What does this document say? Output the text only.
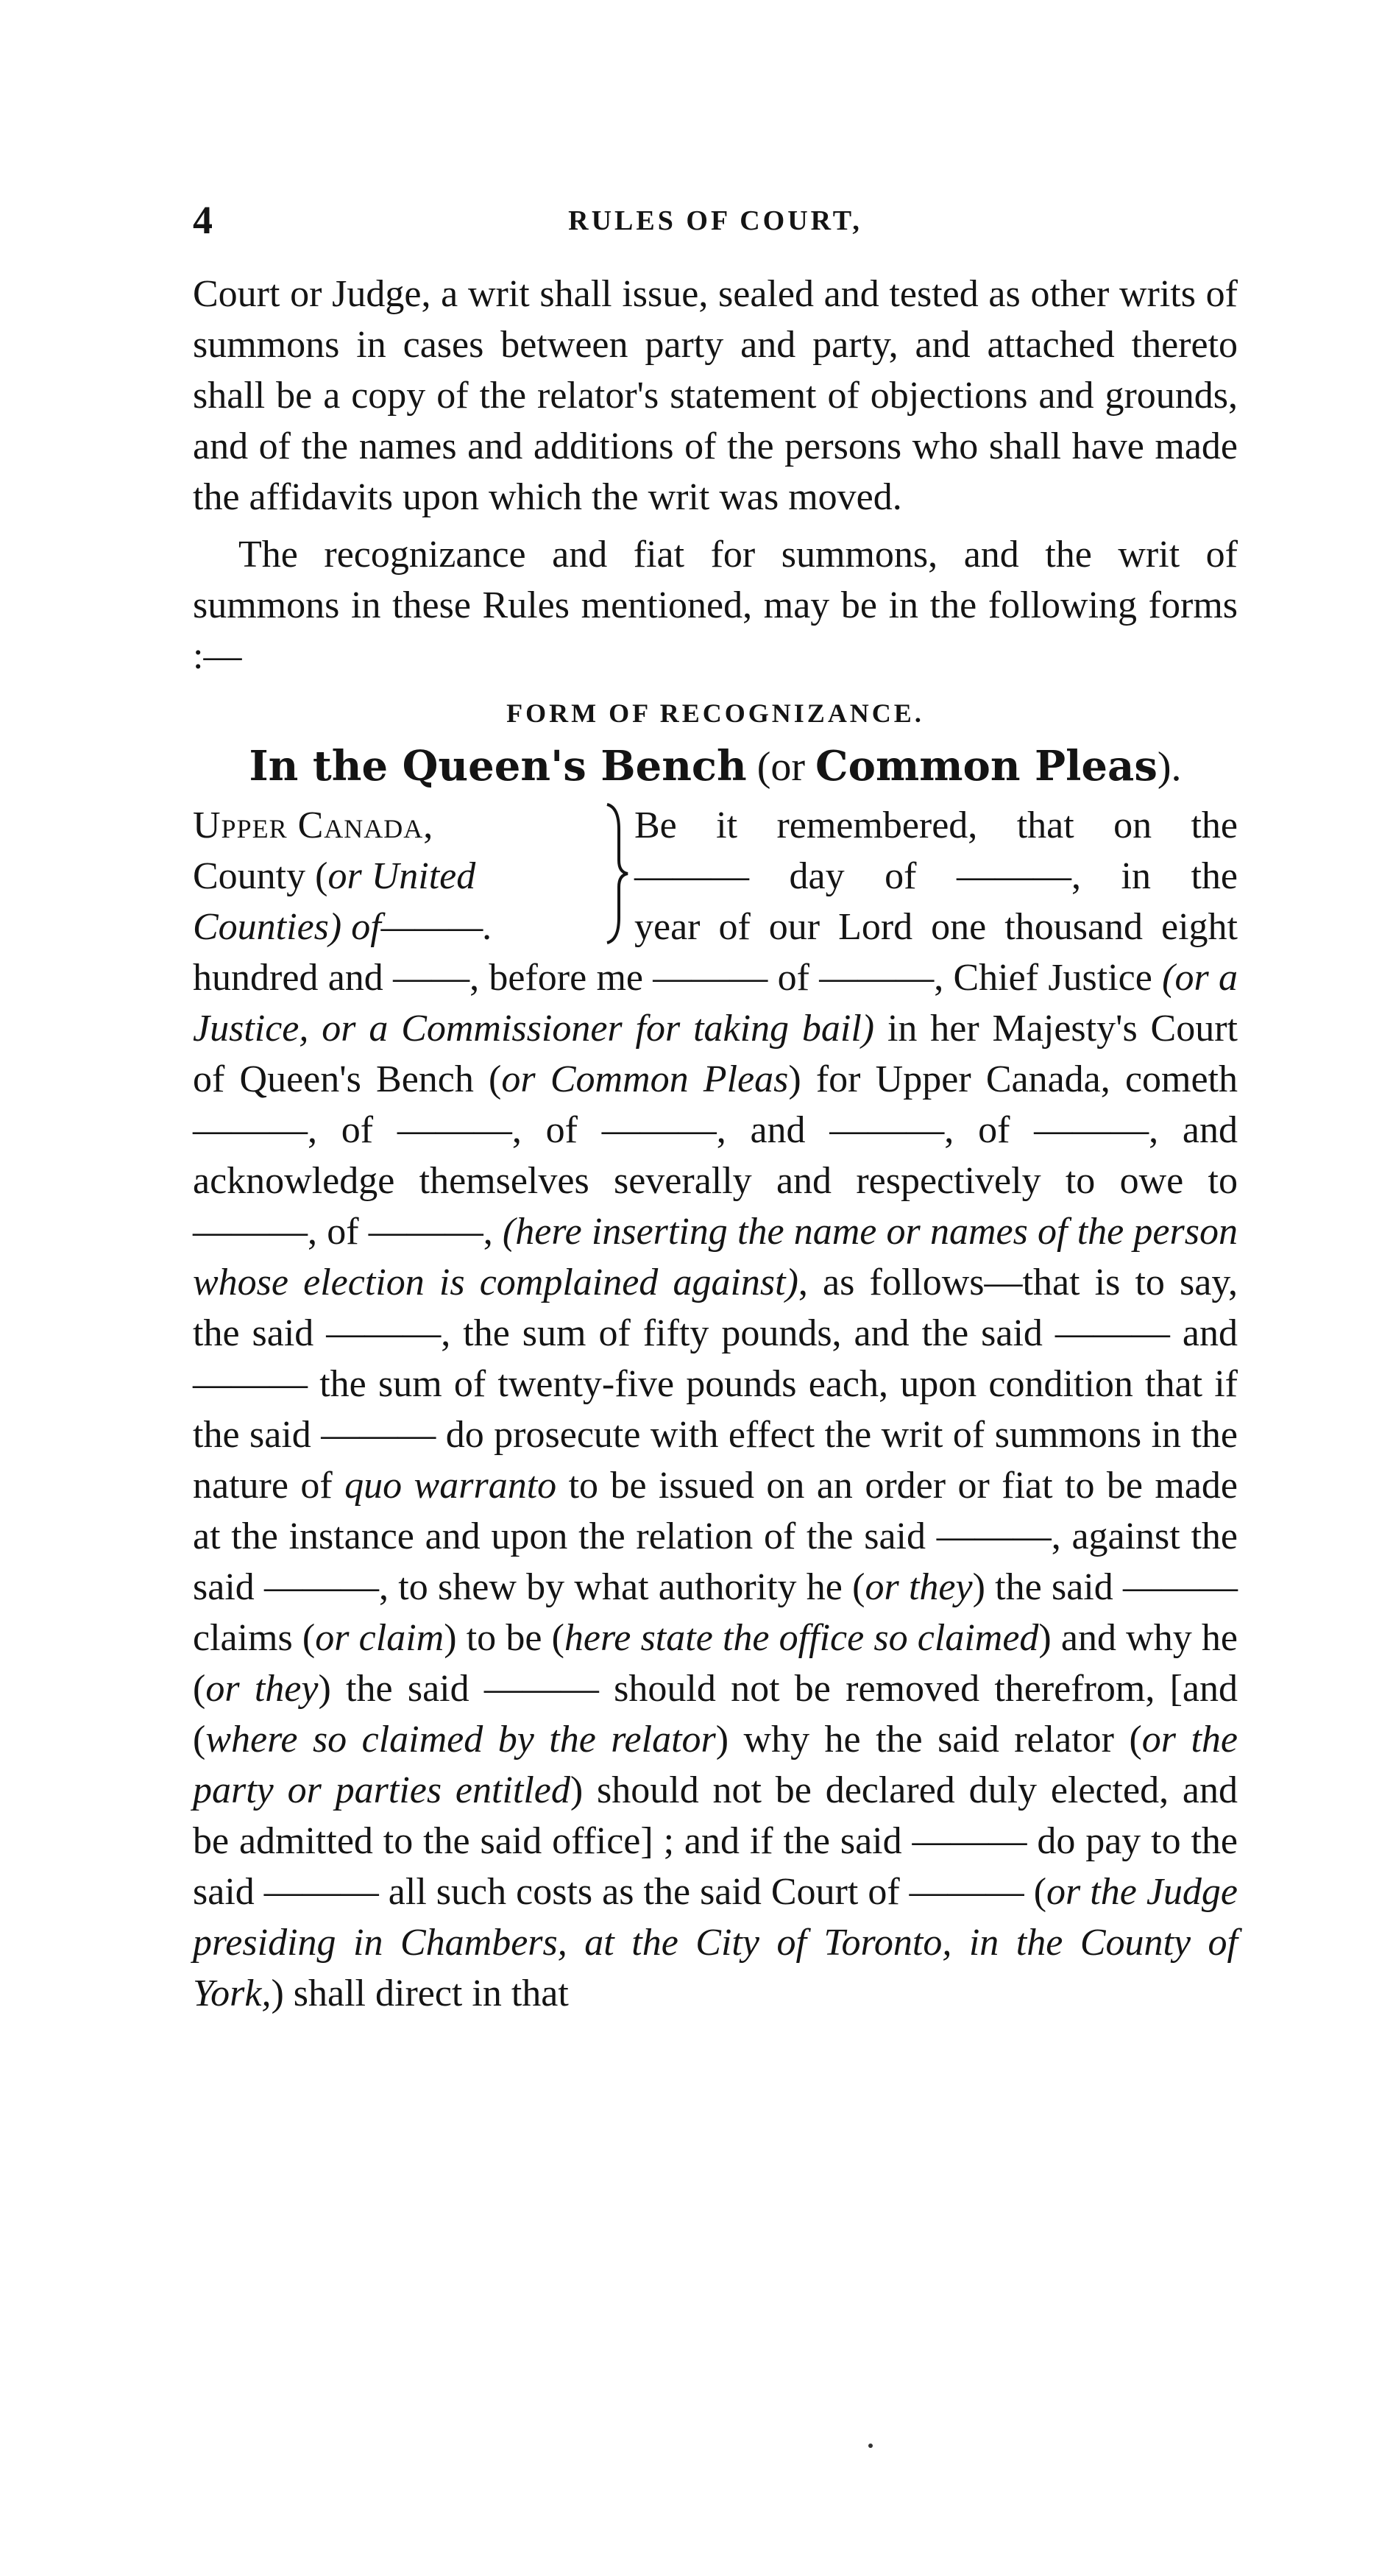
4	RULES OF COURT,

Court or Judge, a writ shall issue, sealed and tested as other writs of summons in cases between party and party, and attached thereto shall be a copy of the relator's statement of objections and grounds, and of the names and additions of the persons who shall have made the affidavits upon which the writ was moved.

The recognizance and fiat for summons, and the writ of summons in these Rules mentioned, may be in the following forms :—

FORM OF RECOGNIZANCE.
In the Queen's Bench (or Common Pleas).
Upper Canada,
County (or United
Counties) of———.
Be it remembered, that on the
——— day of ———, in the
year of our Lord one thousand eight

hundred and ——, before me ——— of ———, Chief Justice (or a Justice, or a Commissioner for taking bail) in her Majesty's Court of Queen's Bench (or Common Pleas) for Upper Canada, cometh ———, of ———, of ———, and ———, of ———, and acknowledge themselves severally and respectively to owe to ———, of ———, (here inserting the name or names of the person whose election is complained against), as follows—that is to say, the said ———, the sum of fifty pounds, and the said ——— and ——— the sum of twenty-five pounds each, upon condition that if the said ——— do prosecute with effect the writ of summons in the nature of quo warranto to be issued on an order or fiat to be made at the instance and upon the relation of the said ———, against the said ———, to shew by what authority he (or they) the said ——— claims (or claim) to be (here state the office so claimed) and why he (or they) the said ——— should not be removed therefrom, [and (where so claimed by the relator) why he the said relator (or the party or parties entitled) should not be declared duly elected, and be admitted to the said office] ; and if the said ——— do pay to the said ——— all such costs as the said Court of ——— (or the Judge presiding in Chambers, at the City of Toronto, in the County of York,) shall direct in that
